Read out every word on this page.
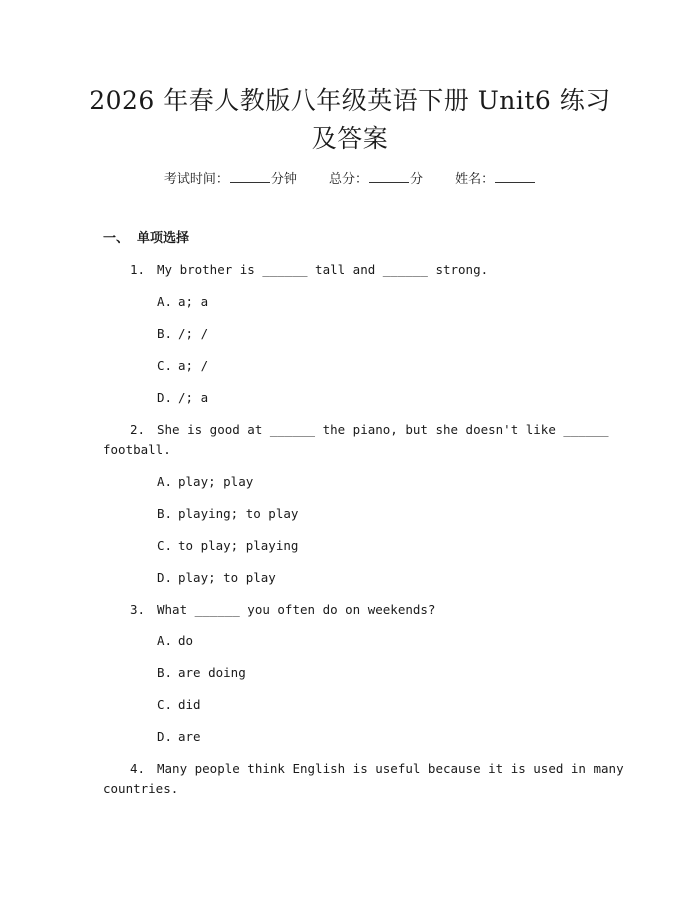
2026 年春人教版八年级英语下册 Unit6 练习
及答案
考试时间：	分钟 总分：	分 姓名：
一、 单项选择
1. My brother is ______ tall and ______ strong.
A. a; a
B. /; /
C. a; /
D. /; a
2. She is good at ______ the piano, but she doesn't like ______
football.
A. play; play
B. playing; to play
C. to play; playing
D. play; to play
3. What ______ you often do on weekends?
A. do
B. are doing
C. did
D. are
4. Many people think English is useful because it is used in many
countries.
